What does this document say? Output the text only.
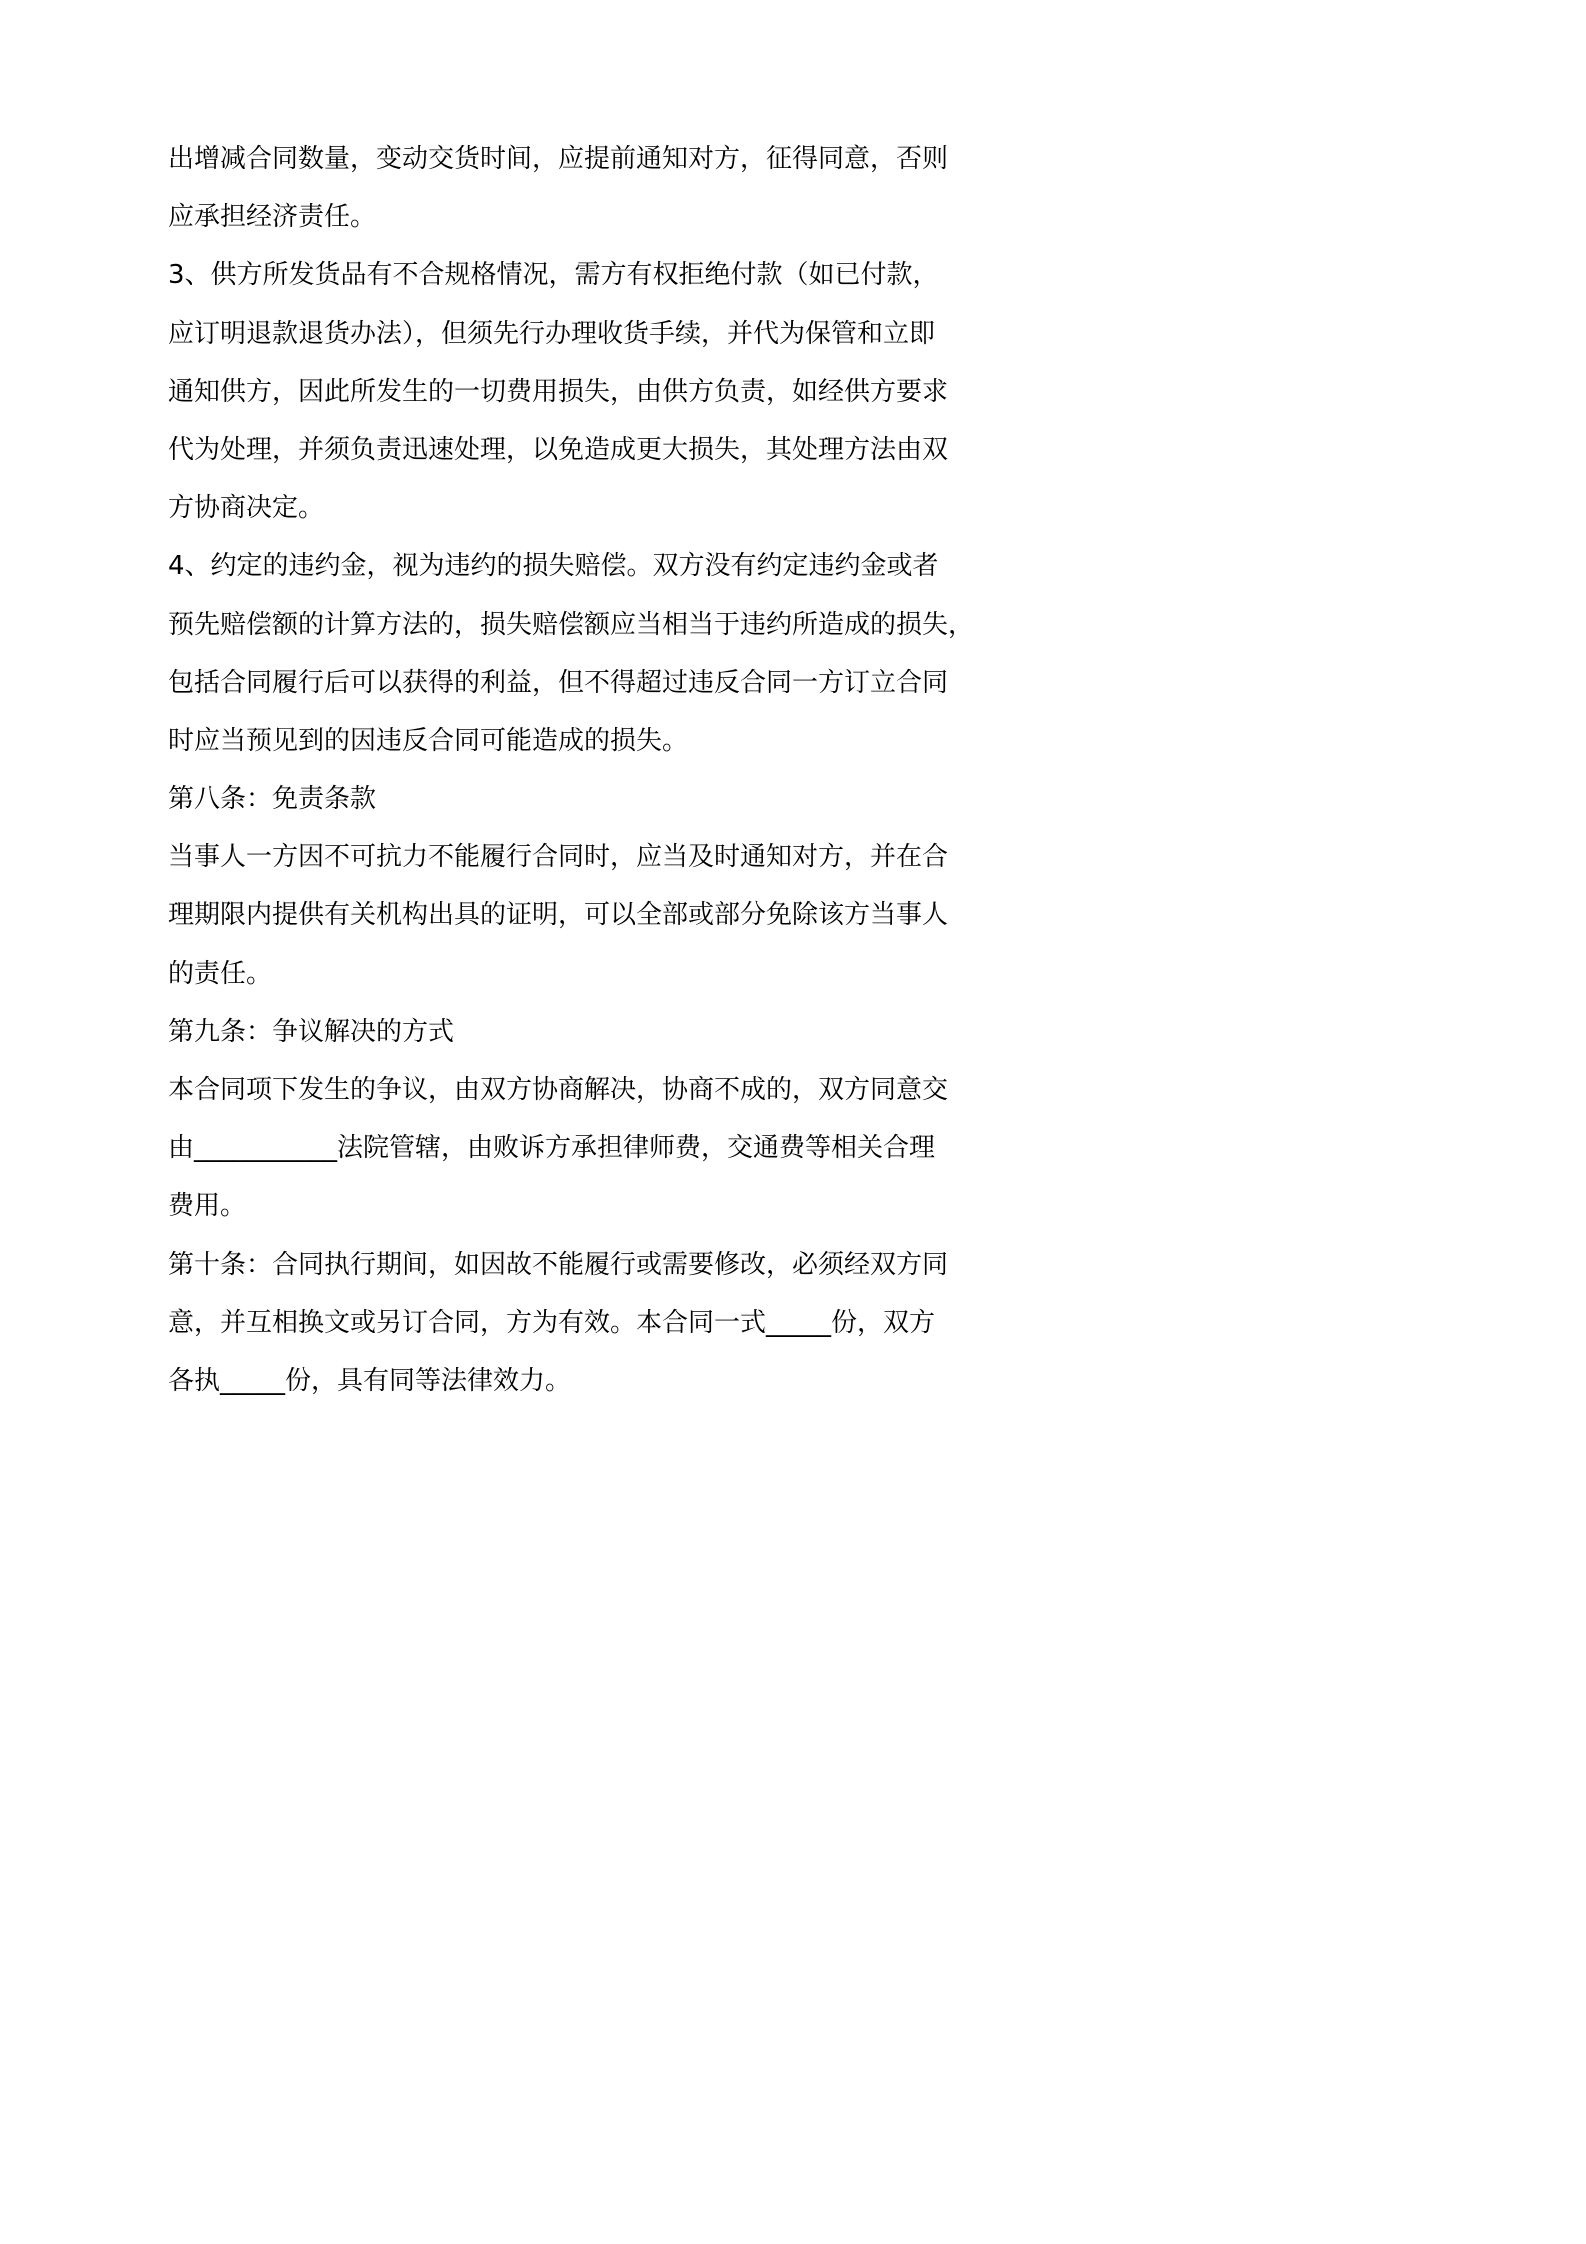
出增减合同数量，变动交货时间，应提前通知对方，征得同意，否则
应承担经济责任。

3、供方所发货品有不合规格情况，需方有权拒绝付款（如已付款，
应订明退款退货办法），但须先行办理收货手续，并代为保管和立即
通知供方，因此所发生的一切费用损失，由供方负责，如经供方要求
代为处理，并须负责迅速处理，以免造成更大损失，其处理方法由双
方协商决定。

4、约定的违约金，视为违约的损失赔偿。双方没有约定违约金或者
预先赔偿额的计算方法的，损失赔偿额应当相当于违约所造成的损失，
包括合同履行后可以获得的利益，但不得超过违反合同一方订立合同
时应当预见到的因违反合同可能造成的损失。

第八条：免责条款

当事人一方因不可抗力不能履行合同时，应当及时通知对方，并在合
理期限内提供有关机构出具的证明，可以全部或部分免除该方当事人
的责任。

第九条：争议解决的方式

本合同项下发生的争议，由双方协商解决，协商不成的，双方同意交
由___________法院管辖，由败诉方承担律师费，交通费等相关合理
费用。

第十条：合同执行期间，如因故不能履行或需要修改，必须经双方同
意，并互相换文或另订合同，方为有效。本合同一式_____份，双方
各执_____份，具有同等法律效力。
